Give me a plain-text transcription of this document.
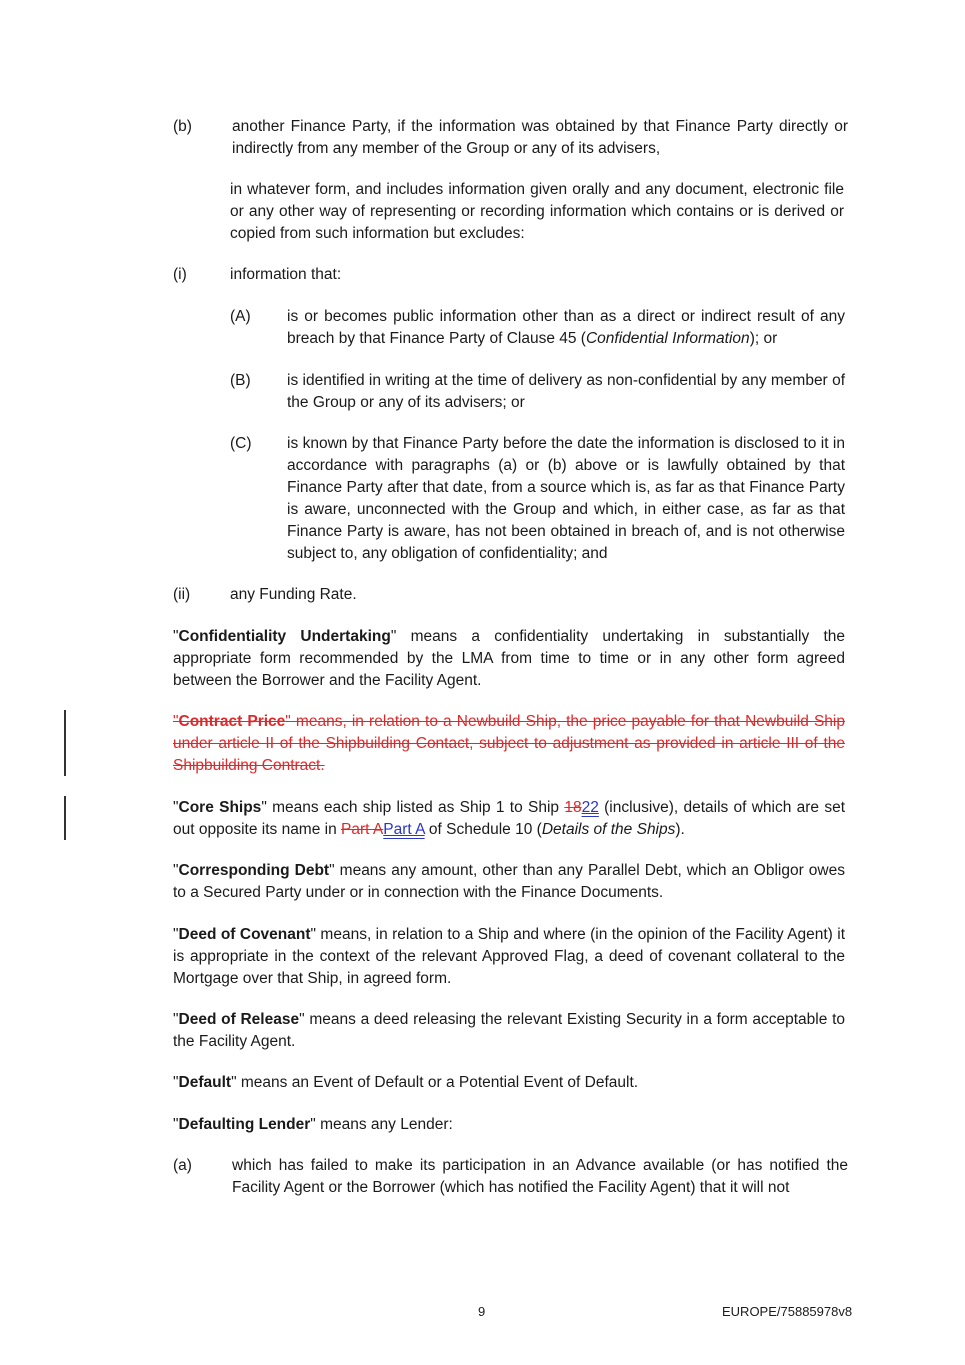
(b)	another Finance Party, if the information was obtained by that Finance Party directly or indirectly from any member of the Group or any of its advisers,
in whatever form, and includes information given orally and any document, electronic file or any other way of representing or recording information which contains or is derived or copied from such information but excludes:
(i)	information that:
(A) is or becomes public information other than as a direct or indirect result of any breach by that Finance Party of Clause 45 (Confidential Information); or
(B) is identified in writing at the time of delivery as non-confidential by any member of the Group or any of its advisers; or
(C) is known by that Finance Party before the date the information is disclosed to it in accordance with paragraphs (a) or (b) above or is lawfully obtained by that Finance Party after that date, from a source which is, as far as that Finance Party is aware, unconnected with the Group and which, in either case, as far as that Finance Party is aware, has not been obtained in breach of, and is not otherwise subject to, any obligation of confidentiality; and
(ii)	any Funding Rate.
"Confidentiality Undertaking" means a confidentiality undertaking in substantially the appropriate form recommended by the LMA from time to time or in any other form agreed between the Borrower and the Facility Agent.
"Contract Price" means, in relation to a Newbuild Ship, the price payable for that Newbuild Ship under article II of the Shipbuilding Contact, subject to adjustment as provided in article III of the Shipbuilding Contract.
"Core Ships" means each ship listed as Ship 1 to Ship 1822 (inclusive), details of which are set out opposite its name in Part APart A of Schedule 10 (Details of the Ships).
"Corresponding Debt" means any amount, other than any Parallel Debt, which an Obligor owes to a Secured Party under or in connection with the Finance Documents.
"Deed of Covenant" means, in relation to a Ship and where (in the opinion of the Facility Agent) it is appropriate in the context of the relevant Approved Flag, a deed of covenant collateral to the Mortgage over that Ship, in agreed form.
"Deed of Release" means a deed releasing the relevant Existing Security in a form acceptable to the Facility Agent.
"Default" means an Event of Default or a Potential Event of Default.
"Defaulting Lender" means any Lender:
(a)	which has failed to make its participation in an Advance available (or has notified the Facility Agent or the Borrower (which has notified the Facility Agent) that it will not
9	EUROPE/75885978v8
